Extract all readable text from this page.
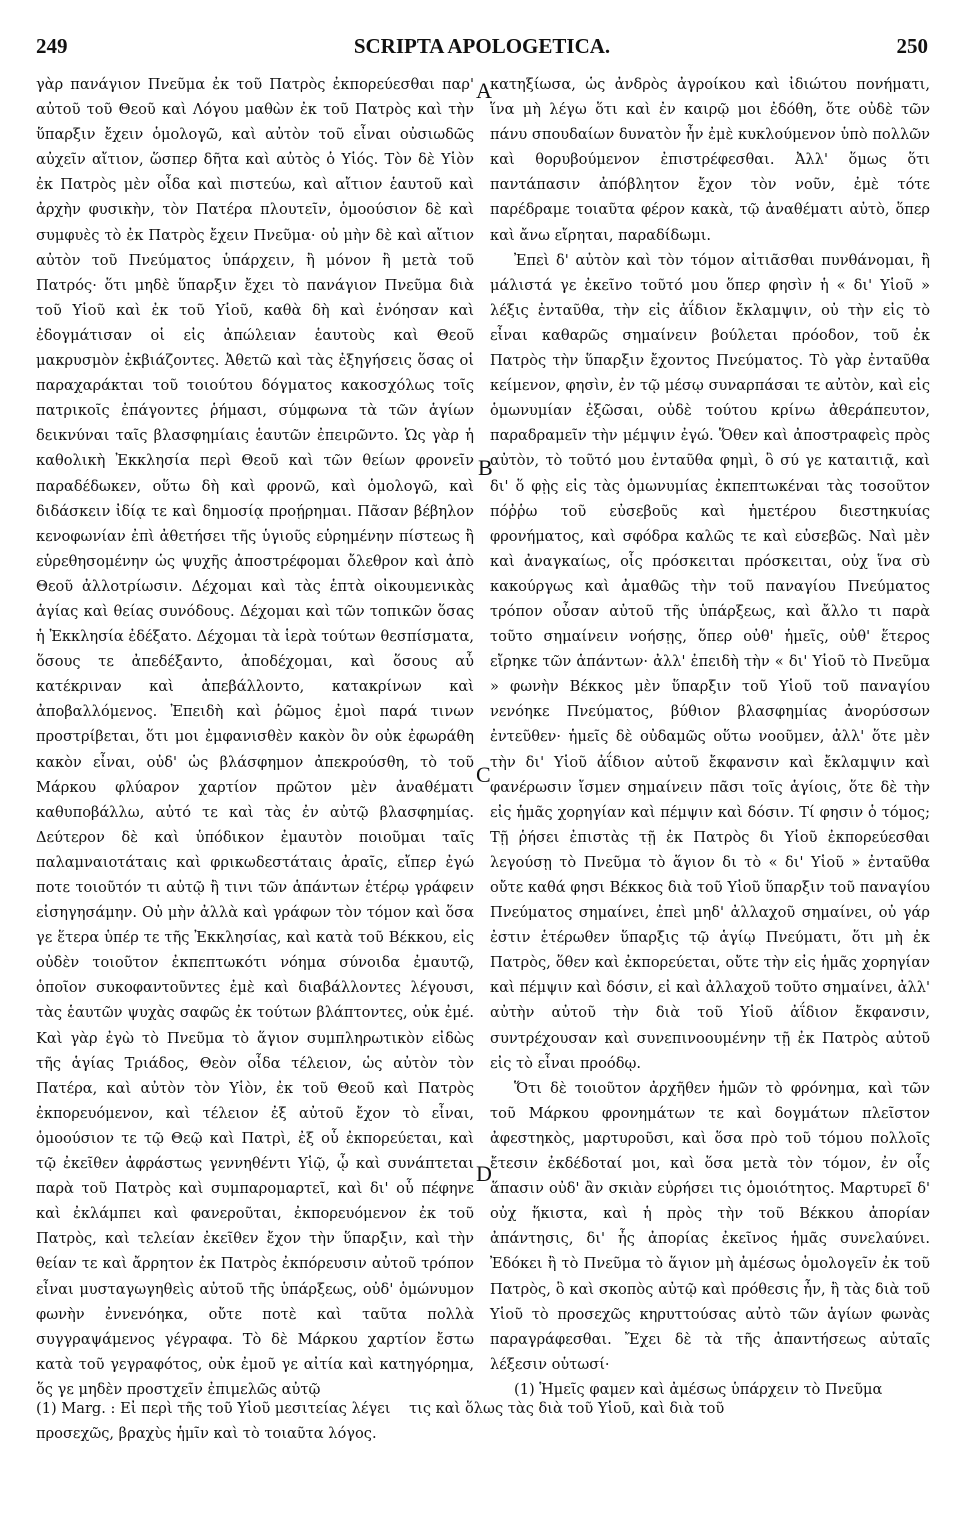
249	SCRIPTA APOLOGETICA.	250

γὰρ πανάγιον Πνεῦμα ἐκ τοῦ Πατρὸς ἐκπορεύεσθαι παρ' αὐτοῦ τοῦ Θεοῦ καὶ Λόγου μαθὼν ἐκ τοῦ Πατρὸς καὶ τὴν ὕπαρξιν ἔχειν ὁμολογῶ, καὶ αὐτὸν τοῦ εἶναι οὐσιωδῶς αὐχεῖν αἴτιον, ὥσπερ δῆτα καὶ αὐτὸς ὁ Υἱός. Τὸν δὲ Υἱὸν ἐκ Πατρὸς μὲν οἶδα καὶ πιστεύω, καὶ αἴτιον ἑαυτοῦ καὶ ἀρχὴν φυσικὴν, τὸν Πατέρα πλουτεῖν, ὁμοούσιον δὲ καὶ συμφυὲς τὸ ἐκ Πατρὸς ἔχειν Πνεῦμα· οὐ μὴν δὲ καὶ αἴτιον αὐτὸν τοῦ Πνεύματος ὑπάρχειν, ἢ μόνον ἢ μετὰ τοῦ Πατρός· ὅτι μηδὲ ὕπαρξιν ἔχει τὸ πανάγιον Πνεῦμα διὰ τοῦ Υἱοῦ καὶ ἐκ τοῦ Υἱοῦ, καθὰ δὴ καὶ ἐνόησαν καὶ ἐδογμάτισαν οἱ εἰς ἀπώλειαν ἑαυτοὺς καὶ Θεοῦ μακρυσμὸν ἐκβιάζοντες. Ἀθετῶ καὶ τὰς ἐξηγήσεις ὅσας οἱ παραχαράκται τοῦ τοιούτου δόγματος κακοσχόλως τοῖς πατρικοῖς ἐπάγοντες ῥήμασι, σύμφωνα τὰ τῶν ἁγίων δεικνύναι ταῖς βλασφημίαις ἑαυτῶν ἐπειρῶντο. Ὡς γὰρ ἡ καθολικὴ Ἐκκλησία περὶ Θεοῦ καὶ τῶν θείων φρονεῖν παραδέδωκεν, οὕτω δὴ καὶ φρονῶ, καὶ ὁμολογῶ, καὶ διδάσκειν ἰδίᾳ τε καὶ δημοσίᾳ προῄρημαι. Πᾶσαν βέβηλον κενοφωνίαν ἐπὶ ἀθετήσει τῆς ὑγιοῦς εὑρημένην πίστεως ἢ εὑρεθησομένην ὡς ψυχῆς ἀποστρέφομαι ὄλεθρον καὶ ἀπὸ Θεοῦ ἀλλοτρίωσιν. Δέχομαι καὶ τὰς ἑπτὰ οἰκουμενικὰς ἁγίας καὶ θείας συνόδους. Δέχομαι καὶ τῶν τοπικῶν ὅσας ἡ Ἐκκλησία ἐδέξατο. Δέχομαι τὰ ἱερὰ τούτων θεσπίσματα, ὅσους τε ἀπεδέξαντο, ἀποδέχομαι, καὶ ὅσους αὖ κατέκριναν καὶ ἀπεβάλλοντο, κατακρίνων καὶ ἀποβαλλόμενος. Ἐπειδὴ καὶ ῥῶμος ἐμοὶ παρά τινων προστρίβεται, ὅτι μοι ἐμφανισθὲν κακὸν ὂν οὐκ ἐφωράθη κακὸν εἶναι, οὐδ' ὡς βλάσφημον ἀπεκρούσθη, τὸ τοῦ Μάρκου φλύαρον χαρτίον πρῶτον μὲν ἀναθέματι καθυποβάλλω, αὐτό τε καὶ τὰς ἐν αὐτῷ βλασφημίας. Δεύτερον δὲ καὶ ὑπόδικον ἐμαυτὸν ποιοῦμαι ταῖς παλαμναιοτάταις καὶ φρικωδεστάταις ἀραῖς, εἴπερ ἐγώ ποτε τοιοῦτόν τι αὐτῷ ἢ τινι τῶν ἁπάντων ἑτέρῳ γράφειν εἰσηγησάμην. Οὐ μὴν ἀλλὰ καὶ γράφων τὸν τόμον καὶ ὅσα γε ἕτερα ὑπέρ τε τῆς Ἐκκλησίας, καὶ κατὰ τοῦ Βέκκου, εἰς οὐδὲν τοιοῦτον ἐκπεπτωκότι νόημα σύνοιδα ἐμαυτῷ, ὁποῖον συκοφαντοῦντες ἐμὲ καὶ διαβάλλοντες λέγουσι, τὰς ἑαυτῶν ψυχὰς σαφῶς ἐκ τούτων βλάπτοντες, οὐκ ἐμέ. Καὶ γὰρ ἐγὼ τὸ Πνεῦμα τὸ ἅγιον συμπληρωτικὸν εἰδὼς τῆς ἁγίας Τριάδος, Θεὸν οἶδα τέλειον, ὡς αὐτὸν τὸν Πατέρα, καὶ αὐτὸν τὸν Υἱὸν, ἐκ τοῦ Θεοῦ καὶ Πατρὸς ἐκπορευόμενον, καὶ τέλειον ἐξ αὐτοῦ ἔχον τὸ εἶναι, ὁμοούσιον τε τῷ Θεῷ καὶ Πατρὶ, ἐξ οὗ ἐκπορεύεται, καὶ τῷ ἐκεῖθεν ἀφράστως γεννηθέντι Υἱῷ, ᾧ καὶ συνάπτεται παρὰ τοῦ Πατρὸς καὶ συμπαρομαρτεῖ, καὶ δι' οὗ πέφηνε καὶ ἐκλάμπει καὶ φανεροῦται, ἐκπορευόμενον ἐκ τοῦ Πατρὸς, καὶ τελείαν ἐκεῖθεν ἔχον τὴν ὕπαρξιν, καὶ τὴν θείαν τε καὶ ἄρρητον ἐκ Πατρὸς ἐκπόρευσιν αὐτοῦ τρόπον εἶναι μυσταγωγηθεὶς αὐτοῦ τῆς ὑπάρξεως, οὐδ' ὁμώνυμον φωνὴν ἐννενόηκα, οὔτε ποτὲ καὶ ταῦτα πολλὰ συγγραψάμενος γέγραφα. Τὸ δὲ Μάρκου χαρτίον ἔστω κατὰ τοῦ γεγραφότος, οὐκ ἐμοῦ γε αἰτία καὶ κατηγόρημα, ὅς γε μηδὲν προστχεῖν ἐπιμελῶς αὐτῷ

κατηξίωσα, ὡς ἀνδρὸς ἀγροίκου καὶ ἰδιώτου πονήματι, ἵνα μὴ λέγω ὅτι καὶ ἐν καιρῷ μοι ἐδόθη, ὅτε οὐδὲ τῶν πάνυ σπουδαίων δυνατὸν ἦν ἐμὲ κυκλούμενον ὑπὸ πολλῶν καὶ θορυβούμενον ἐπιστρέφεσθαι. Ἀλλ' ὅμως ὅτι παντάπασιν ἀπόβλητον ἔχον τὸν νοῦν, ἐμὲ τότε παρέδραμε τοιαῦτα φέρον κακὰ, τῷ ἀναθέματι αὐτὸ, ὅπερ καὶ ἄνω εἴρηται, παραδίδωμι.

Ἐπεὶ δ' αὐτὸν καὶ τὸν τόμον αἰτιᾶσθαι πυνθάνομαι, ἢ μάλιστά γε ἐκεῖνο τοῦτό μου ὅπερ φησὶν ἡ « δι' Υἱοῦ » λέξις ἐνταῦθα, τὴν εἰς ἀΐδιον ἔκλαμψιν, οὐ τὴν εἰς τὸ εἶναι καθαρῶς σημαίνειν βούλεται πρόοδον, τοῦ ἐκ Πατρὸς τὴν ὕπαρξιν ἔχοντος Πνεύματος. Τὸ γὰρ ἐνταῦθα κείμενον, φησὶν, ἐν τῷ μέσῳ συναρπάσαι τε αὐτὸν, καὶ εἰς ὁμωνυμίαν ἐξῶσαι, οὐδὲ τούτου κρίνω ἀθεράπευτον, παραδραμεῖν τὴν μέμψιν ἐγώ. Ὅθεν καὶ ἀποστραφεὶς πρὸς αὐτὸν, τὸ τοῦτό μου ἐνταῦθα φημὶ, ὃ σύ γε καταιτιᾷ, καὶ δι' ὅ φῂς εἰς τὰς ὁμωνυμίας ἐκπεπτωκέναι τὰς τοσοῦτον πόῤῥω τοῦ εὐσεβοῦς καὶ ἡμετέρου διεστηκυίας φρονήματος, καὶ σφόδρα καλῶς τε καὶ εὐσεβῶς. Ναὶ μὲν καὶ ἀναγκαίως, οἷς πρόσκειται πρόσκειται, οὐχ ἵνα σὺ κακούργως καὶ ἀμαθῶς τὴν τοῦ παναγίου Πνεύματος τρόπον οὖσαν αὐτοῦ τῆς ὑπάρξεως, καὶ ἄλλο τι παρὰ τοῦτο σημαίνειν νοήσῃς, ὅπερ οὐθ' ἡμεῖς, οὐθ' ἕτερος εἴρηκε τῶν ἁπάντων· ἀλλ' ἐπειδὴ τὴν « δι' Υἱοῦ τὸ Πνεῦμα » φωνὴν Βέκκος μὲν ὕπαρξιν τοῦ Υἱοῦ τοῦ παναγίου νενόηκε Πνεύματος, βύθιον βλασφημίας ἀνορύσσων ἐντεῦθεν· ἡμεῖς δὲ οὐδαμῶς οὕτω νοοῦμεν, ἀλλ' ὅτε μὲν τὴν δι' Υἱοῦ ἀΐδιον αὐτοῦ ἔκφανσιν καὶ ἔκλαμψιν καὶ φανέρωσιν ἴσμεν σημαίνειν πᾶσι τοῖς ἁγίοις, ὅτε δὲ τὴν εἰς ἡμᾶς χορηγίαν καὶ πέμψιν καὶ δόσιν. Τί φησιν ὁ τόμος; Τῇ ῥήσει ἐπιστὰς τῇ ἐκ Πατρὸς δι Υἱοῦ ἐκπορεύεσθαι λεγούσῃ τὸ Πνεῦμα τὸ ἅγιον δι τὸ « δι' Υἱοῦ » ἐνταῦθα οὔτε καθά φησι Βέκκος διὰ τοῦ Υἱοῦ ὕπαρξιν τοῦ παναγίου Πνεύματος σημαίνει, ἐπεὶ μηδ' ἀλλαχοῦ σημαίνει, οὐ γάρ ἐστιν ἑτέρωθεν ὕπαρξις τῷ ἁγίῳ Πνεύματι, ὅτι μὴ ἐκ Πατρὸς, ὅθεν καὶ ἐκπορεύεται, οὔτε τὴν εἰς ἡμᾶς χορηγίαν καὶ πέμψιν καὶ δόσιν, εἰ καὶ ἀλλαχοῦ τοῦτο σημαίνει, ἀλλ' αὐτὴν αὐτοῦ τὴν διὰ τοῦ Υἱοῦ ἀΐδιον ἔκφανσιν, συντρέχουσαν καὶ συνεπινοουμένην τῇ ἐκ Πατρὸς αὐτοῦ εἰς τὸ εἶναι προόδῳ.

Ὅτι δὲ τοιοῦτον ἀρχῆθεν ἡμῶν τὸ φρόνημα, καὶ τῶν τοῦ Μάρκου φρονημάτων τε καὶ δογμάτων πλεῖστον ἀφεστηκὸς, μαρτυροῦσι, καὶ ὅσα πρὸ τοῦ τόμου πολλοῖς ἔτεσιν ἐκδέδοταί μοι, καὶ ὅσα μετὰ τὸν τόμον, ἐν οἷς ἅπασιν οὐδ' ἂν σκιὰν εὑρήσει τις ὁμοιότητος. Μαρτυρεῖ δ' οὐχ ἥκιστα, καὶ ἡ πρὸς τὴν τοῦ Βέκκου ἀπορίαν ἀπάντησις, δι' ἧς ἀπορίας ἐκεῖνος ἡμᾶς συνελαύνει. Ἐδόκει ἢ τὸ Πνεῦμα τὸ ἅγιον μὴ ἀμέσως ὁμολογεῖν ἐκ τοῦ Πατρὸς, ὃ καὶ σκοπὸς αὐτῷ καὶ πρόθεσις ἦν, ἢ τὰς διὰ τοῦ Υἱοῦ τὸ προσεχῶς κηρυττούσας αὐτὸ τῶν ἁγίων φωνὰς παραγράφεσθαι. Ἔχει δὲ τὰ τῆς ἀπαντήσεως αὐταῖς λέξεσιν οὑτωσί·

(1) Ἡμεῖς φαμεν καὶ ἀμέσως ὑπάρχειν τὸ Πνεῦμα

A
B
C
D
(1) Marg. : Εἰ περὶ τῆς τοῦ Υἱοῦ μεσιτείας λέγει τις καὶ ὅλως τὰς διὰ τοῦ Υἱοῦ, καὶ διὰ τοῦ
προσεχῶς, βραχὺς ἡμῖν καὶ τὸ τοιαῦτα λόγος.
